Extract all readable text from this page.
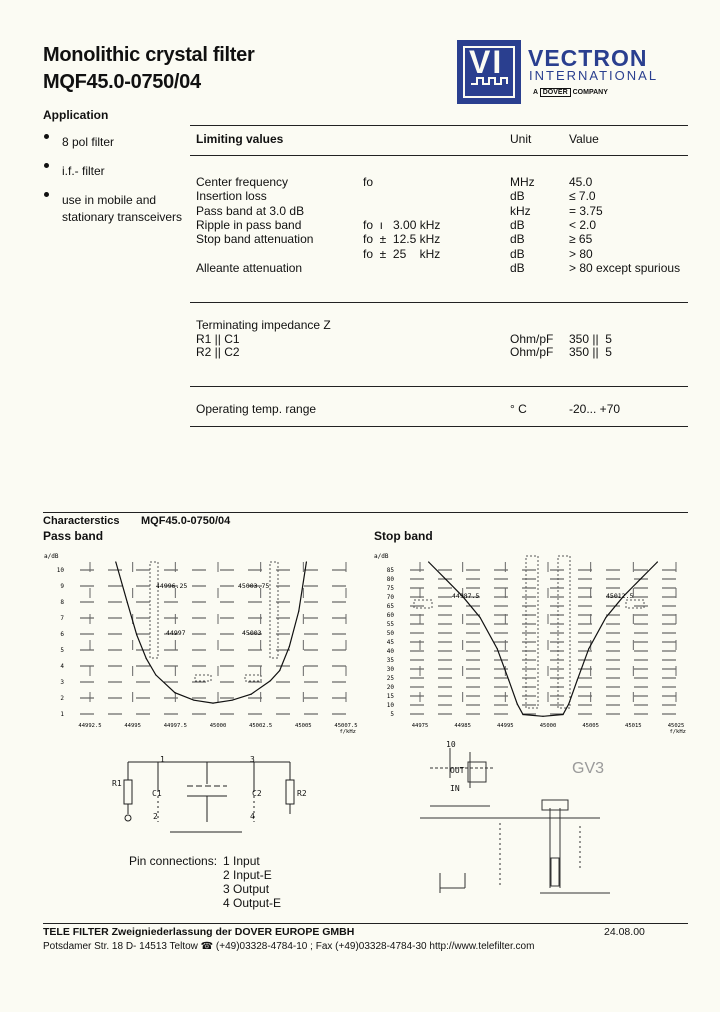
Monolithic crystal filter
MQF45.0-0750/04
VI VECTRON
INTERNATIONAL
A DOVER COMPANY
Application
8 pol filter
i.f.- filter
use in mobile and
stationary transceivers
Limiting values	Unit	Value
Center frequency	fo	MHz	45.0
Insertion loss	dB	≤ 7.0
Pass band at 3.0 dB	kHz	= 3.75
Ripple in pass band	fo  ı   3.00 kHz	dB	< 2.0
Stop band attenuation	fo  ±  12.5 kHz	dB	≥ 65
fo  ±  25    kHz	dB	> 80
Alleante attenuation	dB	> 80 except spurious
Terminating impedance Z
R1 || C1	Ohm/pF 350 ||  5
R2 || C2	Ohm/pF 350 ||  5
Operating temp. range	° C	-20... +70
Characterstics MQF45.0-0750/04
Pass band	Stop band
a/dB
10
9
8
7
6
5
4
3
2
1
44992.5	44995	44997.5	45000	45002.5	45005	45007.5
f/kHz
44996.25	45003.75
44997	45003
a/dB
85
80
75
70
65
60
55
50
45
40
35
30
25
20
15
10
5
44975	44985	44995	45000	45005	45015	45025
f/kHz
44987.5	45012.5
R1
C1	C2	R2
1	3
2	4
Pin connections: 1 Input
2 Input-E
3 Output
4 Output-E
10
OUT
IN
GV3
TELE FILTER Zweigniederlassung der DOVER EUROPE GMBH	24.08.00
Potsdamer Str. 18 D- 14513 Teltow ☎ (+49)03328-4784-10 ; Fax (+49)03328-4784-30 http://www.telefilter.com
